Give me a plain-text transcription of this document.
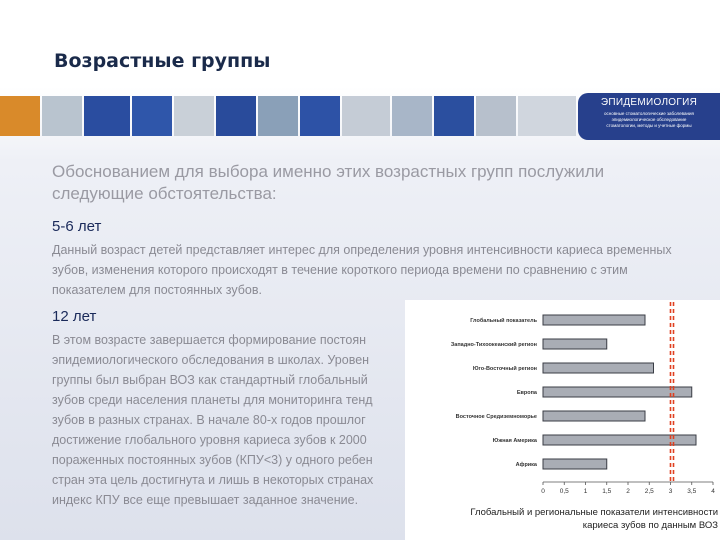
Возрастные группы
ЭПИДЕМИОЛОГИЯ
основные стоматологические заболевания
эпидемиологическое обследование
стоматологии, методы и учетные формы
Обоснованием для выбора именно этих возрастных групп послужили следующие обстоятельства:
5-6 лет
Данный возраст детей представляет интерес для определения уровня интенсивности кариеса временных зубов, изменения которого происходят в течение короткого периода времени по сравнению с этим показателем для постоянных зубов.
12 лет
В этом возрасте завершается формирование постоян
эпидемиологического обследования в школах. Уровен
группы был выбран ВОЗ как стандартный глобальный
зубов среди населения планеты для мониторинга тенд
зубов в разных странах. В начале 80-х годов прошлог
достижение глобального уровня кариеса зубов к 2000
пораженных постоянных зубов (КПУ<3) у одного ребен
стран эта цель достигнута и лишь в некоторых странах
индекс КПУ все еще превышает заданное значение.
Глобальный показатель
Западно-Тихоокеанский регион
Юго-Восточный регион
Европа
Восточное Средиземноморье
Южная Америка
Африка
0 0,5 1 1,5 2 2,5 3 3,5 4
Глобальный и региональные показатели интенсивности кариеса зубов по данным ВОЗ
